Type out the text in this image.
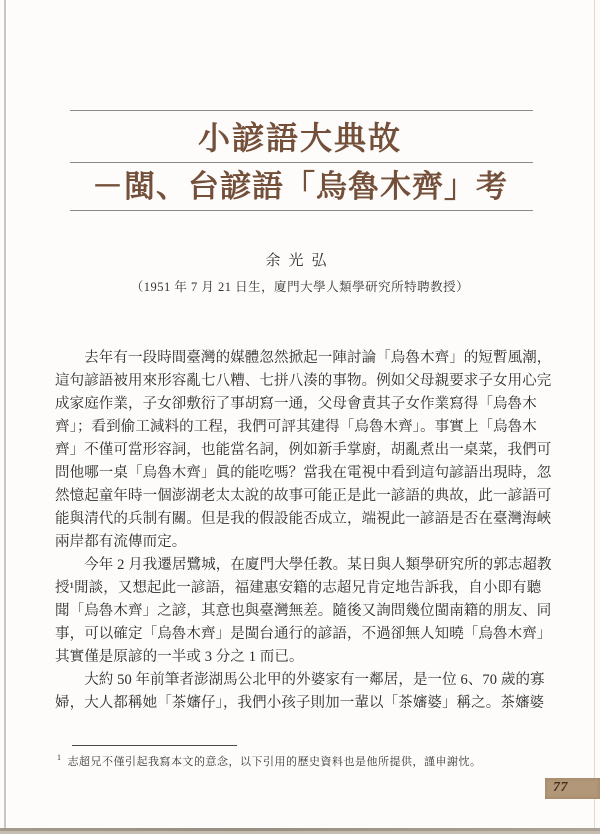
小諺語大典故
－閩、台諺語「烏魯木齊」考
余光弘
（1951 年 7 月 21 日生，廈門大學人類學研究所特聘教授）
　　去年有一段時間臺灣的媒體忽然掀起一陣討論「烏魯木齊」的短暫風潮，
這句諺語被用來形容亂七八糟、七拼八湊的事物。例如父母親要求子女用心完
成家庭作業，子女卻敷衍了事胡寫一通，父母會責其子女作業寫得「烏魯木
齊」；看到偷工減料的工程，我們可評其建得「烏魯木齊」。事實上「烏魯木
齊」不僅可當形容詞，也能當名詞，例如新手掌廚，胡亂煮出一桌菜，我們可
問他哪一桌「烏魯木齊」眞的能吃嗎？當我在電視中看到這句諺語出現時，忽
然憶起童年時一個澎湖老太太說的故事可能正是此一諺語的典故，此一諺語可
能與清代的兵制有關。但是我的假設能否成立，端視此一諺語是否在臺灣海峽
兩岸都有流傳而定。
　　今年 2 月我遷居鷺城，在廈門大學任教。某日與人類學研究所的郭志超教
授¹閒談，又想起此一諺語，福建惠安籍的志超兄肯定地告訴我，自小即有聽
聞「烏魯木齊」之諺，其意也與臺灣無差。隨後又詢問幾位閩南籍的朋友、同
事，可以確定「烏魯木齊」是閩台通行的諺語，不過卻無人知曉「烏魯木齊」
其實僅是原諺的一半或 3 分之 1 而已。
　　大約 50 年前筆者澎湖馬公北甲的外婆家有一鄰居，是一位 6、70 歲的寡
婦，大人都稱她「茶嬸仔」，我們小孩子則加一輩以「茶嬸婆」稱之。茶嬸婆
$^1$ 志超兄不僅引起我寫本文的意念，以下引用的歷史資料也是他所提供，謹申謝忱。
77
